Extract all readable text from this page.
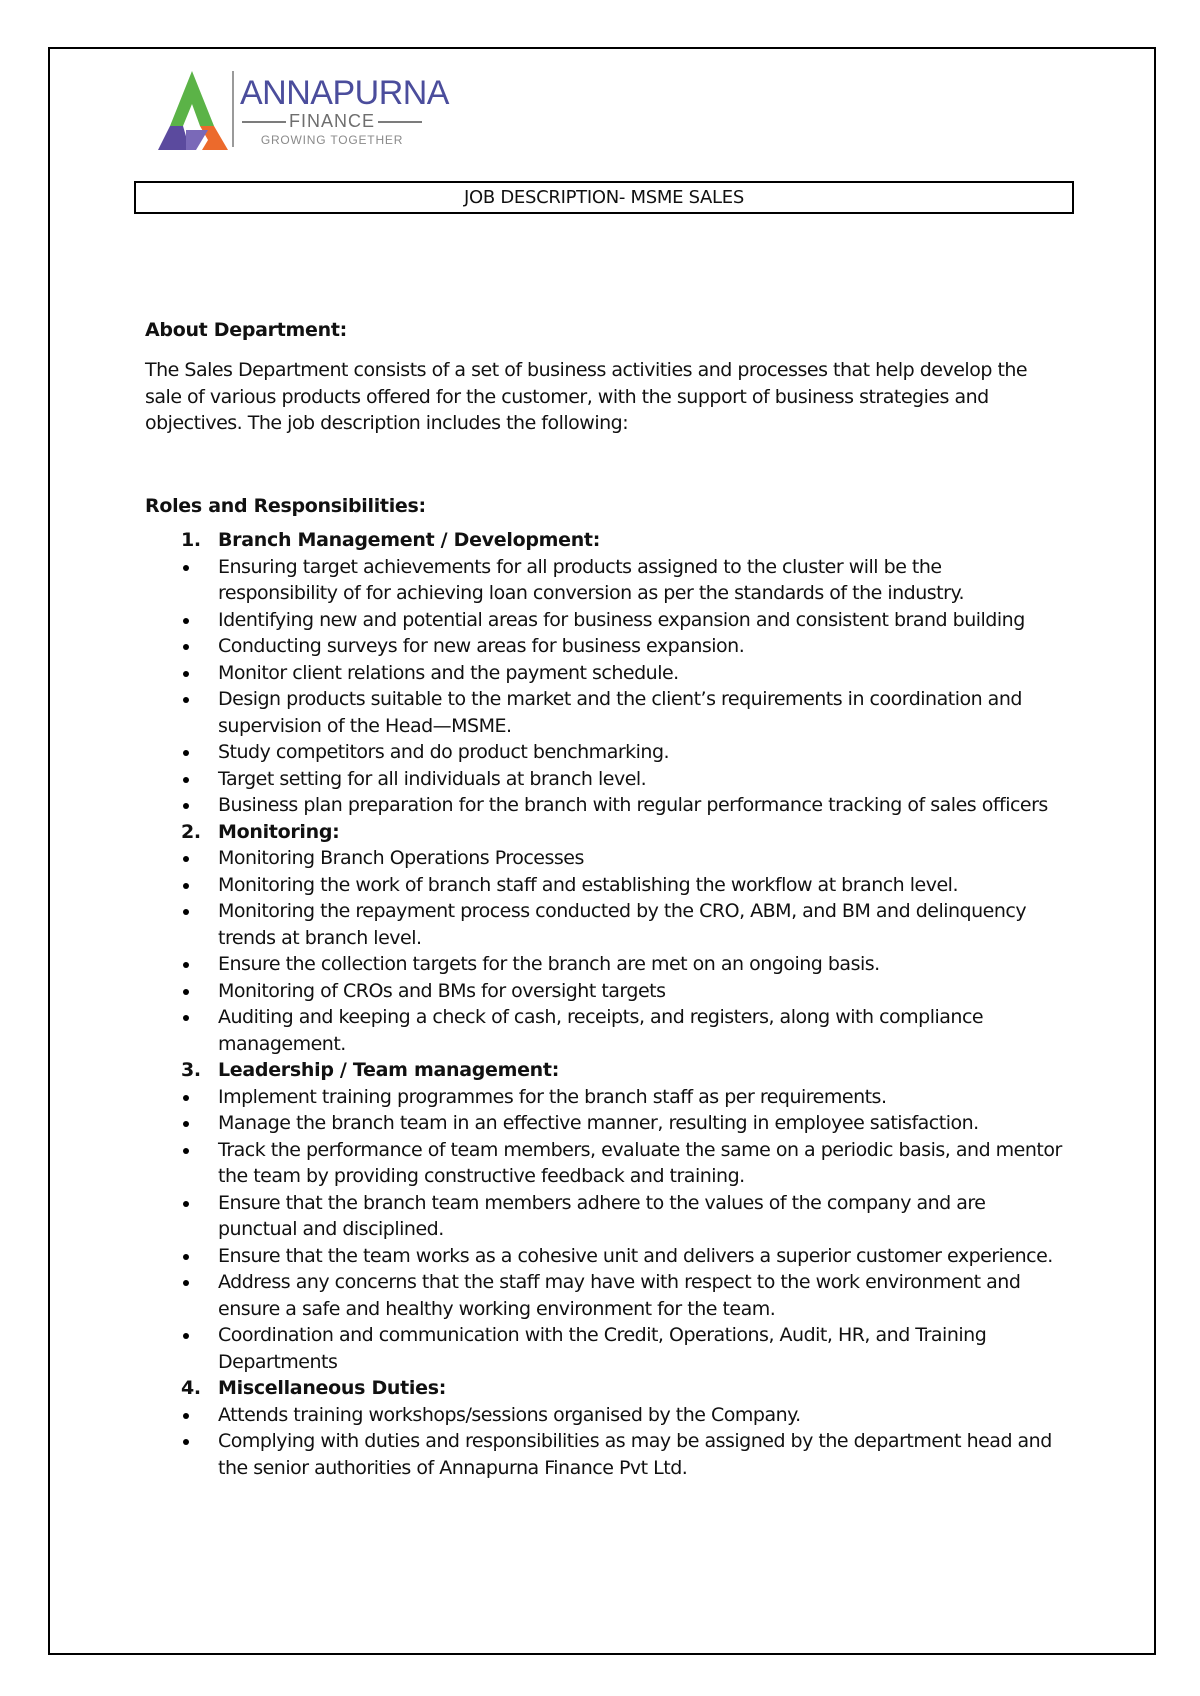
ANNAPURNA
FINANCE
GROWING TOGETHER
JOB DESCRIPTION- MSME SALES
About Department:

The Sales Department consists of a set of business activities and processes that help develop the sale of various products offered for the customer, with the support of business strategies and objectives. The job description includes the following:

Roles and Responsibilities:
1. Branch Management / Development:
Ensuring target achievements for all products assigned to the cluster will be the responsibility of for achieving loan conversion as per the standards of the industry.
Identifying new and potential areas for business expansion and consistent brand building
Conducting surveys for new areas for business expansion.
Monitor client relations and the payment schedule.
Design products suitable to the market and the client’s requirements in coordination and supervision of the Head—MSME.
Study competitors and do product benchmarking.
Target setting for all individuals at branch level.
Business plan preparation for the branch with regular performance tracking of sales officers
2. Monitoring:
Monitoring Branch Operations Processes
Monitoring the work of branch staff and establishing the workflow at branch level.
Monitoring the repayment process conducted by the CRO, ABM, and BM and delinquency trends at branch level.
Ensure the collection targets for the branch are met on an ongoing basis.
Monitoring of CROs and BMs for oversight targets
Auditing and keeping a check of cash, receipts, and registers, along with compliance management.
3. Leadership / Team management:
Implement training programmes for the branch staff as per requirements.
Manage the branch team in an effective manner, resulting in employee satisfaction.
Track the performance of team members, evaluate the same on a periodic basis, and mentor the team by providing constructive feedback and training.
Ensure that the branch team members adhere to the values of the company and are punctual and disciplined.
Ensure that the team works as a cohesive unit and delivers a superior customer experience.
Address any concerns that the staff may have with respect to the work environment and ensure a safe and healthy working environment for the team.
Coordination and communication with the Credit, Operations, Audit, HR, and Training Departments
4. Miscellaneous Duties:
Attends training workshops/sessions organised by the Company.
Complying with duties and responsibilities as may be assigned by the department head and the senior authorities of Annapurna Finance Pvt Ltd.
